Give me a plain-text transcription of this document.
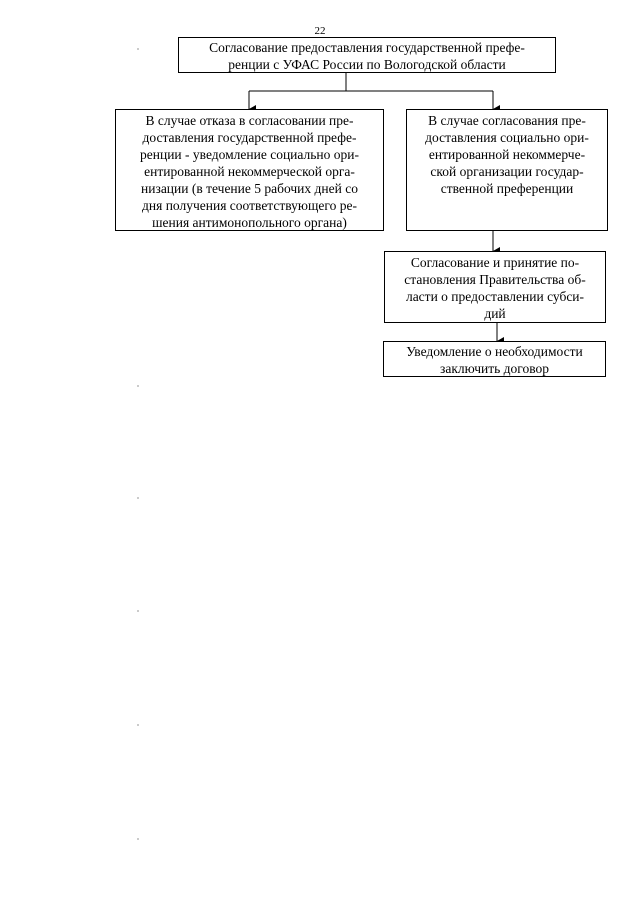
22
Согласование предоставления государственной префе-
ренции с УФАС России по Вологодской области
В случае отказа в согласовании пре-
доставления государственной префе-
ренции - уведомление социально ори-
ентированной некоммерческой орга-
низации (в течение 5 рабочих дней со
дня получения соответствующего ре-
шения антимонопольного органа)
В случае согласования пре-
доставления социально ори-
ентированной некоммерче-
ской организации государ-
ственной преференции
Согласование и принятие по-
становления Правительства об-
ласти о предоставлении субси-
дий
Уведомление о необходимости
заключить договор
